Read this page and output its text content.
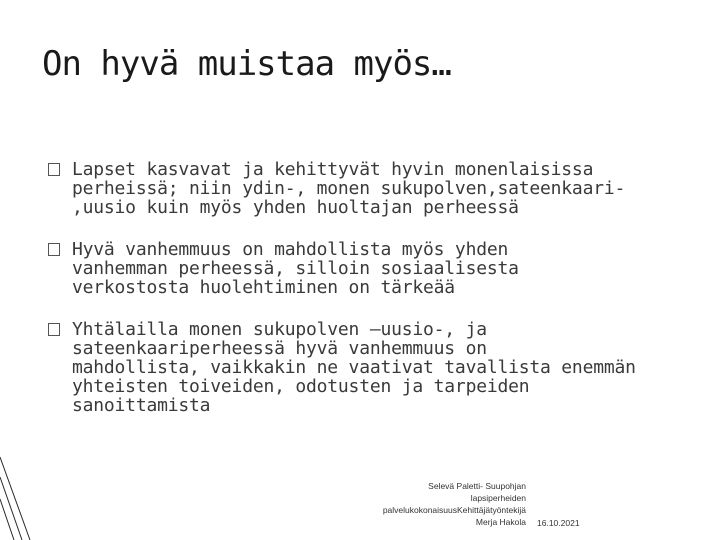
On hyvä muistaa myös…
Lapset kasvavat ja kehittyvät hyvin monenlaisissa
perheissä; niin ydin-, monen sukupolven,sateenkaari-
,uusio kuin myös yhden huoltajan perheessä
Hyvä vanhemmuus on mahdollista myös yhden
vanhemman perheessä, silloin sosiaalisesta
verkostosta huolehtiminen on tärkeää
Yhtälailla monen sukupolven –uusio-, ja
sateenkaariperheessä hyvä vanhemmuus on
mahdollista, vaikkakin ne vaativat tavallista enemmän
yhteisten toiveiden, odotusten ja tarpeiden
sanoittamista
Selevä Paletti- Suupohjan
lapsiperheiden
palvelukokonaisuusKehittäjätyöntekijä
Merja Hakola 16.10.2021
